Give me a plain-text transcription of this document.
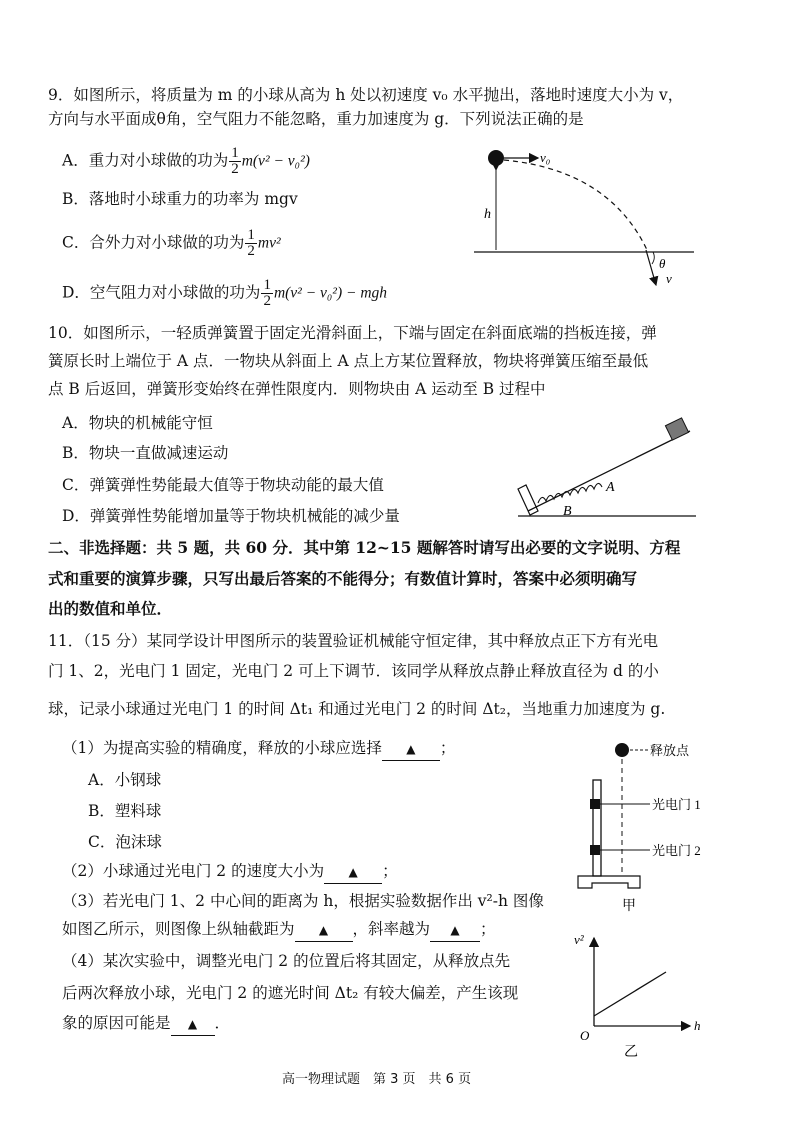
9．如图所示，将质量为 m 的小球从高为 h 处以初速度 v₀ 水平抛出，落地时速度大小为 v，
方向与水平面成θ角，空气阻力不能忽略，重力加速度为 g．下列说法正确的是
A．重力对小球做的功为 $\frac{1}{2} m(v^2 - v_0^2)$
B．落地时小球重力的功率为 mgv
C．合外力对小球做的功为 $\frac{1}{2} mv^2$
D．空气阻力对小球做的功为 $\frac{1}{2} m(v^2 - v_0^2)$ − mgh
v₀
h
θ
v
10．如图所示，一轻质弹簧置于固定光滑斜面上，下端与固定在斜面底端的挡板连接，弹
簧原长时上端位于 A 点．一物块从斜面上 A 点上方某位置释放，物块将弹簧压缩至最低
点 B 后返回，弹簧形变始终在弹性限度内．则物块由 A 运动至 B 过程中
A．物块的机械能守恒
B．物块一直做减速运动
C．弹簧弹性势能最大值等于物块动能的最大值
D．弹簧弹性势能增加量等于物块机械能的减少量
A
B
二、非选择题：共 5 题，共 60 分．其中第 12~15 题解答时请写出必要的文字说明、方程
式和重要的演算步骤，只写出最后答案的不能得分；有数值计算时，答案中必须明确写
出的数值和单位．
11．（15 分）某同学设计甲图所示的装置验证机械能守恒定律，其中释放点正下方有光电
门 1、2，光电门 1 固定，光电门 2 可上下调节．该同学从释放点静止释放直径为 d 的小
球，记录小球通过光电门 1 的时间 Δt₁ 和通过光电门 2 的时间 Δt₂，当地重力加速度为 g.
（1）为提高实验的精确度，释放的小球应选择 ▲ ；
A．小钢球
B．塑料球
C．泡沫球
（2）小球通过光电门 2 的速度大小为 ▲ ；
（3）若光电门 1、2 中心间的距离为 h，根据实验数据作出 v²-h 图像
如图乙所示，则图像上纵轴截距为 ▲ ，斜率越为 ▲ ；
（4）某次实验中，调整光电门 2 的位置后将其固定，从释放点先
后两次释放小球，光电门 2 的遮光时间 Δt₂ 有较大偏差，产生该现
象的原因可能是 ▲ ．
释放点
光电门 1
光电门 2
甲
v²
h
O
乙
高一物理试题　第 3 页　共 6 页
